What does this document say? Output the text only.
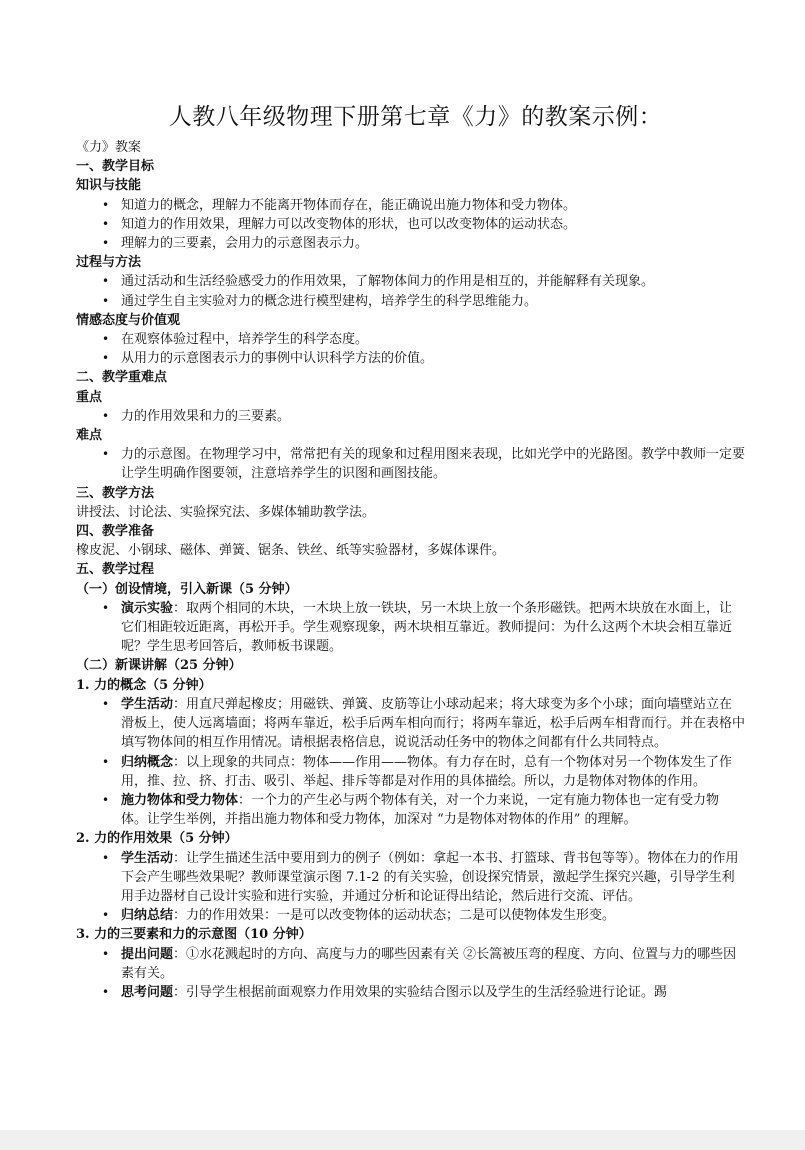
人教八年级物理下册第七章《力》的教案示例：

《力》教案

一、教学目标

知识与技能

• 知道力的概念，理解力不能离开物体而存在，能正确说出施力物体和受力物体。
• 知道力的作用效果，理解力可以改变物体的形状，也可以改变物体的运动状态。
• 理解力的三要素，会用力的示意图表示力。

过程与方法

• 通过活动和生活经验感受力的作用效果，了解物体间力的作用是相互的，并能解释有关现象。
• 通过学生自主实验对力的概念进行模型建构，培养学生的科学思维能力。

情感态度与价值观

• 在观察体验过程中，培养学生的科学态度。
• 从用力的示意图表示力的事例中认识科学方法的价值。

二、教学重难点

重点

• 力的作用效果和力的三要素。

难点

• 力的示意图。在物理学习中，常常把有关的现象和过程用图来表现，比如光学中的光路图。教学中教师一定要让学生明确作图要领，注意培养学生的识图和画图技能。

三、教学方法

讲授法、讨论法、实验探究法、多媒体辅助教学法。

四、教学准备

橡皮泥、小钢球、磁体、弹簧、锯条、铁丝、纸等实验器材，多媒体课件。

五、教学过程

（一）创设情境，引入新课（5 分钟）

• 演示实验：取两个相同的木块，一木块上放一铁块，另一木块上放一个条形磁铁。把两木块放在水面上，让它们相距较近距离，再松开手。学生观察现象，两木块相互靠近。教师提问：为什么这两个木块会相互靠近呢？学生思考回答后，教师板书课题。

（二）新课讲解（25 分钟）

1. 力的概念（5 分钟）

• 学生活动：用直尺弹起橡皮；用磁铁、弹簧、皮筋等让小球动起来；将大球变为多个小球；面向墙壁站立在滑板上，使人远离墙面；将两车靠近，松手后两车相向而行；将两车靠近，松手后两车相背而行。并在表格中填写物体间的相互作用情况。请根据表格信息，说说活动任务中的物体之间都有什么共同特点。
• 归纳概念：以上现象的共同点：物体——作用——物体。有力存在时，总有一个物体对另一个物体发生了作用，推、拉、挤、打击、吸引、举起、排斥等都是对作用的具体描绘。所以，力是物体对物体的作用。
• 施力物体和受力物体：一个力的产生必与两个物体有关，对一个力来说，一定有施力物体也一定有受力物体。让学生举例，并指出施力物体和受力物体，加深对 “力是物体对物体的作用” 的理解。

2. 力的作用效果（5 分钟）

• 学生活动：让学生描述生活中要用到力的例子（例如：拿起一本书、打篮球、背书包等等）。物体在力的作用下会产生哪些效果呢？教师课堂演示图 7.1-2 的有关实验，创设探究情景，激起学生探究兴趣，引导学生利用手边器材自己设计实验和进行实验，并通过分析和论证得出结论，然后进行交流、评估。
• 归纳总结：力的作用效果：一是可以改变物体的运动状态；二是可以使物体发生形变。

3. 力的三要素和力的示意图（10 分钟）

• 提出问题：①水花溅起时的方向、高度与力的哪些因素有关 ②长篙被压弯的程度、方向、位置与力的哪些因素有关。
• 思考问题：引导学生根据前面观察力作用效果的实验结合图示以及学生的生活经验进行论证。踢
